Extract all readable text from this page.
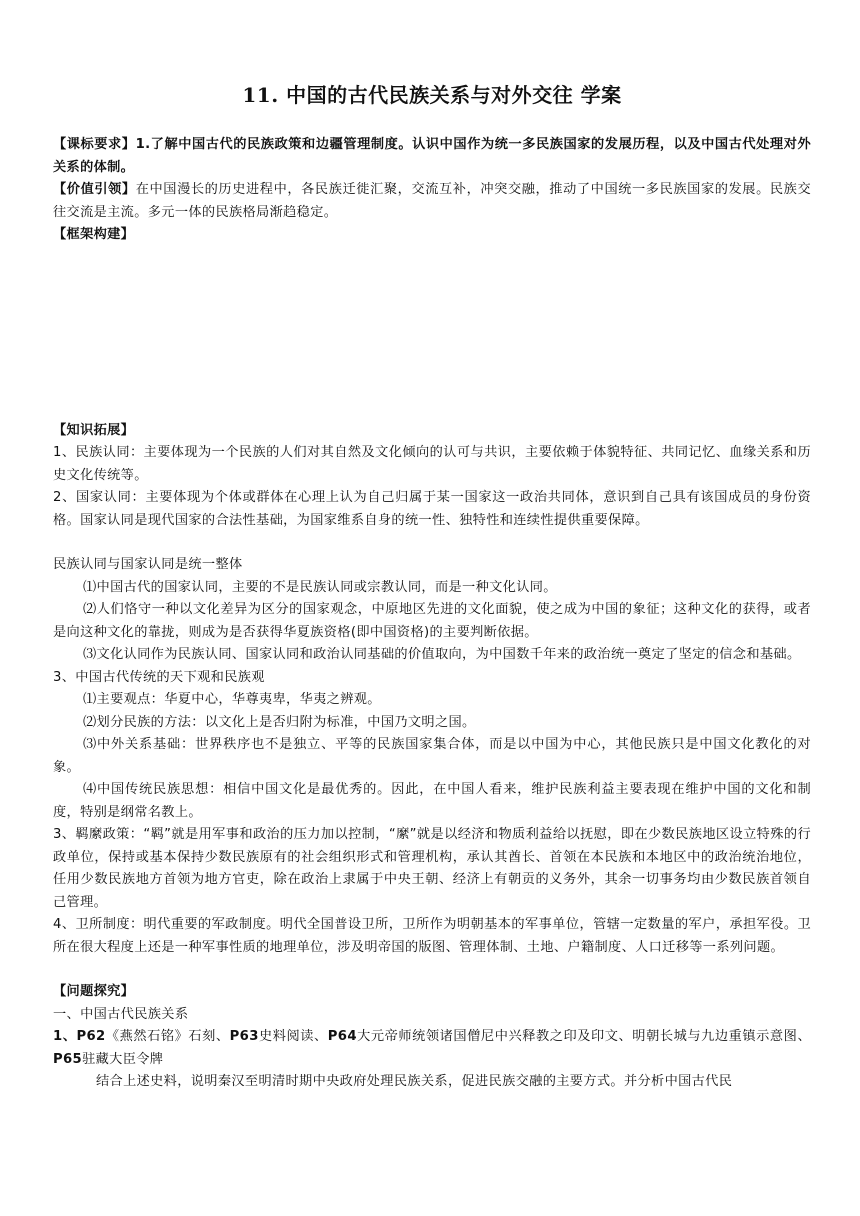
11. 中国的古代民族关系与对外交往 学案

【课标要求】1.了解中国古代的民族政策和边疆管理制度。认识中国作为统一多民族国家的发展历程，以及中国古代处理对外关系的体制。

【价值引领】在中国漫长的历史进程中，各民族迁徙汇聚，交流互补，冲突交融，推动了中国统一多民族国家的发展。民族交往交流是主流。多元一体的民族格局渐趋稳定。

【框架构建】

【知识拓展】

1、民族认同：主要体现为一个民族的人们对其自然及文化倾向的认可与共识，主要依赖于体貌特征、共同记忆、血缘关系和历史文化传统等。

2、国家认同：主要体现为个体或群体在心理上认为自己归属于某一国家这一政治共同体，意识到自己具有该国成员的身份资格。国家认同是现代国家的合法性基础，为国家维系自身的统一性、独特性和连续性提供重要保障。

民族认同与国家认同是统一整体

⑴中国古代的国家认同，主要的不是民族认同或宗教认同，而是一种文化认同。

⑵人们恪守一种以文化差异为区分的国家观念，中原地区先进的文化面貌，使之成为中国的象征；这种文化的获得，或者是向这种文化的靠拢，则成为是否获得华夏族资格(即中国资格)的主要判断依据。

⑶文化认同作为民族认同、国家认同和政治认同基础的价值取向，为中国数千年来的政治统一奠定了坚定的信念和基础。

3、中国古代传统的天下观和民族观

⑴主要观点：华夏中心，华尊夷卑，华夷之辨观。

⑵划分民族的方法：以文化上是否归附为标准，中国乃文明之国。

⑶中外关系基础：世界秩序也不是独立、平等的民族国家集合体，而是以中国为中心，其他民族只是中国文化教化的对象。

⑷中国传统民族思想：相信中国文化是最优秀的。因此，在中国人看来，维护民族利益主要表现在维护中国的文化和制度，特别是纲常名教上。

3、羁縻政策：“羁”就是用军事和政治的压力加以控制，“縻”就是以经济和物质利益给以抚慰，即在少数民族地区设立特殊的行政单位，保持或基本保持少数民族原有的社会组织形式和管理机构，承认其酋长、首领在本民族和本地区中的政治统治地位，任用少数民族地方首领为地方官吏，除在政治上隶属于中央王朝、经济上有朝贡的义务外，其余一切事务均由少数民族首领自己管理。

4、卫所制度：明代重要的军政制度。明代全国普设卫所，卫所作为明朝基本的军事单位，管辖一定数量的军户，承担军役。卫所在很大程度上还是一种军事性质的地理单位，涉及明帝国的版图、管理体制、土地、户籍制度、人口迁移等一系列问题。

【问题探究】

一、中国古代民族关系

1、P62《燕然石铭》石刻、P63史料阅读、P64大元帝师统领诸国僧尼中兴释教之印及印文、明朝长城与九边重镇示意图、P65驻藏大臣令牌

结合上述史料，说明秦汉至明清时期中央政府处理民族关系，促进民族交融的主要方式。并分析中国古代民
